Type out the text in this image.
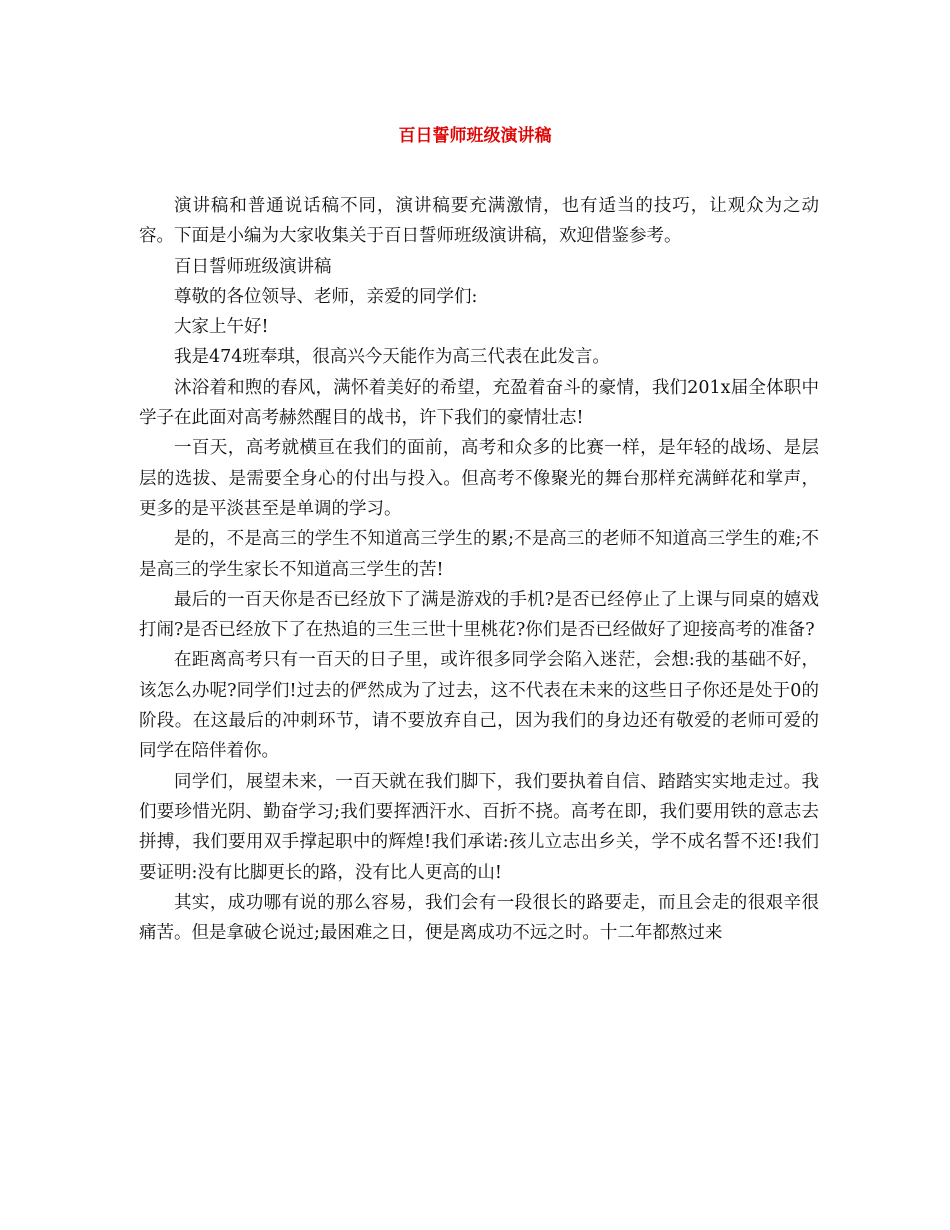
百日誓师班级演讲稿

演讲稿和普通说话稿不同，演讲稿要充满激情，也有适当的技巧，让观众为之动容。下面是小编为大家收集关于百日誓师班级演讲稿，欢迎借鉴参考。

百日誓师班级演讲稿

尊敬的各位领导、老师，亲爱的同学们:

大家上午好!

我是474班奉琪，很高兴今天能作为高三代表在此发言。

沐浴着和煦的春风，满怀着美好的希望，充盈着奋斗的豪情，我们201x届全体职中学子在此面对高考赫然醒目的战书，许下我们的豪情壮志!

一百天，高考就横亘在我们的面前，高考和众多的比赛一样，是年轻的战场、是层层的选拔、是需要全身心的付出与投入。但高考不像聚光的舞台那样充满鲜花和掌声，更多的是平淡甚至是单调的学习。

是的，不是高三的学生不知道高三学生的累;不是高三的老师不知道高三学生的难;不是高三的学生家长不知道高三学生的苦!

最后的一百天你是否已经放下了满是游戏的手机?是否已经停止了上课与同桌的嬉戏打闹?是否已经放下了在热追的三生三世十里桃花?你们是否已经做好了迎接高考的准备?

在距离高考只有一百天的日子里，或许很多同学会陷入迷茫，会想:我的基础不好，该怎么办呢?同学们!过去的俨然成为了过去，这不代表在未来的这些日子你还是处于0的阶段。在这最后的冲刺环节，请不要放弃自己，因为我们的身边还有敬爱的老师可爱的同学在陪伴着你。

同学们，展望未来，一百天就在我们脚下，我们要执着自信、踏踏实实地走过。我们要珍惜光阴、勤奋学习;我们要挥洒汗水、百折不挠。高考在即，我们要用铁的意志去拼搏，我们要用双手撑起职中的辉煌!我们承诺:孩儿立志出乡关，学不成名誓不还!我们要证明:没有比脚更长的路，没有比人更高的山!

其实，成功哪有说的那么容易，我们会有一段很长的路要走，而且会走的很艰辛很痛苦。但是拿破仑说过;最困难之日，便是离成功不远之时。十二年都熬过来
